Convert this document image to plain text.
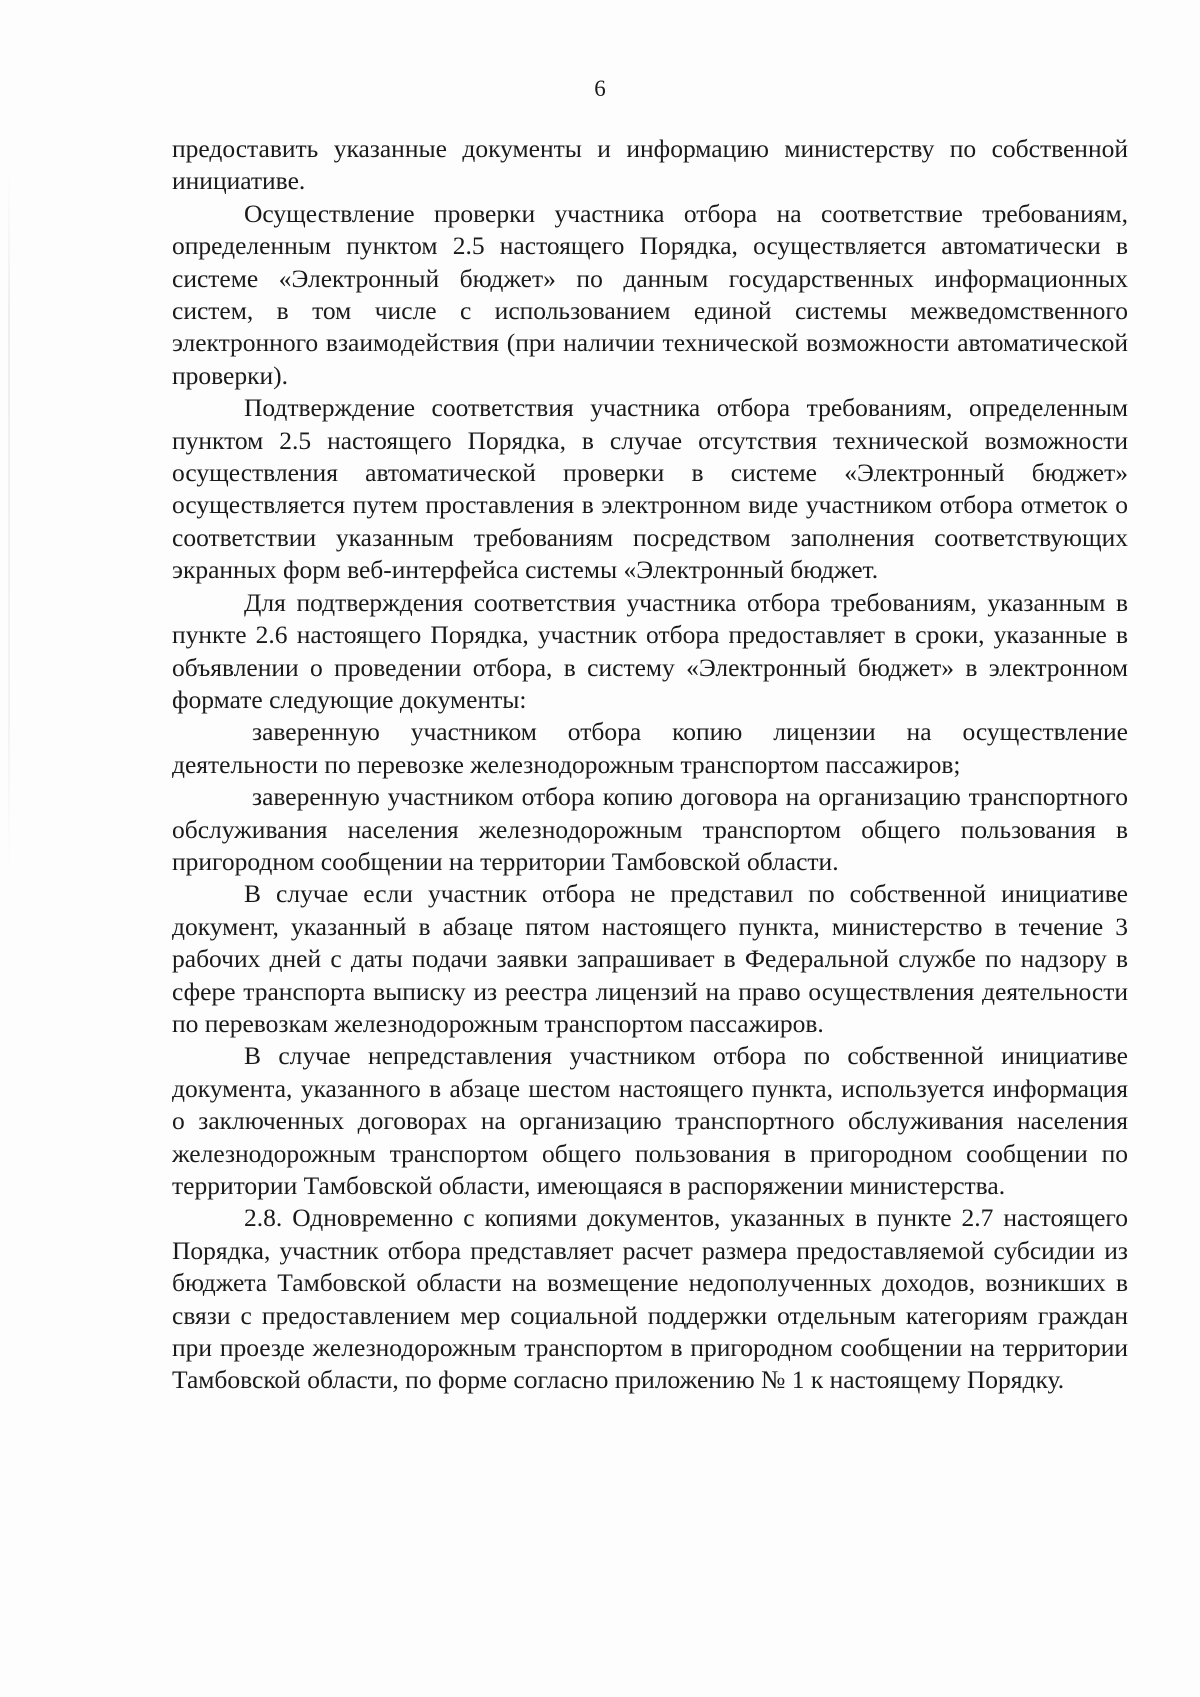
6

предоставить указанные документы и информацию министерству по собственной инициативе.

Осуществление проверки участника отбора на соответствие требованиям, определенным пунктом 2.5 настоящего Порядка, осуществляется автоматически в системе «Электронный бюджет» по данным государственных информационных систем, в том числе с использованием единой системы межведомственного электронного взаимодействия (при наличии технической возможности автоматической проверки).

Подтверждение соответствия участника отбора требованиям, определенным пунктом 2.5 настоящего Порядка, в случае отсутствия технической возможности осуществления автоматической проверки в системе «Электронный бюджет» осуществляется путем проставления в электронном виде участником отбора отметок о соответствии указанным требованиям посредством заполнения соответствующих экранных форм веб-интерфейса системы «Электронный бюджет.

Для подтверждения соответствия участника отбора требованиям, указанным в пункте 2.6 настоящего Порядка, участник отбора предоставляет в сроки, указанные в объявлении о проведении отбора, в систему «Электронный бюджет» в электронном формате следующие документы:

заверенную участником отбора копию лицензии на осуществление деятельности по перевозке железнодорожным транспортом пассажиров;

заверенную участником отбора копию договора на организацию транспортного обслуживания населения железнодорожным транспортом общего пользования в пригородном сообщении на территории Тамбовской области.

В случае если участник отбора не представил по собственной инициативе документ, указанный в абзаце пятом настоящего пункта, министерство в течение 3 рабочих дней с даты подачи заявки запрашивает в Федеральной службе по надзору в сфере транспорта выписку из реестра лицензий на право осуществления деятельности по перевозкам железнодорожным транспортом пассажиров.

В случае непредставления участником отбора по собственной инициативе документа, указанного в абзаце шестом настоящего пункта, используется информация о заключенных договорах на организацию транспортного обслуживания населения железнодорожным транспортом общего пользования в пригородном сообщении по территории Тамбовской области, имеющаяся в распоряжении министерства.

2.8. Одновременно с копиями документов, указанных в пункте 2.7 настоящего Порядка, участник отбора представляет расчет размера предоставляемой субсидии из бюджета Тамбовской области на возмещение недополученных доходов, возникших в связи с предоставлением мер социальной поддержки отдельным категориям граждан при проезде железнодорожным транспортом в пригородном сообщении на территории Тамбовской области, по форме согласно приложению № 1 к настоящему Порядку.
